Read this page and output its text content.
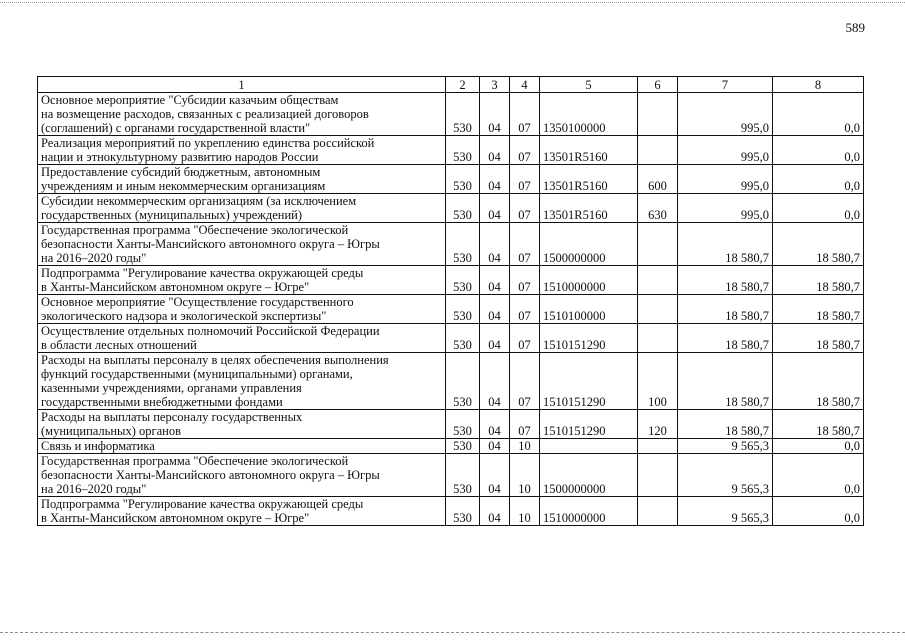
589
1	2	3	4	5	6	7	8

Основное мероприятие "Субсидии казачьим обществам
на возмещение расходов, связанных с реализацией договоров
(соглашений) с органами государственной власти"	530	04	07	1350100000		995,0	0,0

Реализация мероприятий по укреплению единства российской
нации и этнокультурному развитию народов России	530	04	07	13501R5160		995,0	0,0

Предоставление субсидий бюджетным, автономным
учреждениям и иным некоммерческим организациям	530	04	07	13501R5160	600	995,0	0,0

Субсидии некоммерческим организациям (за исключением
государственных (муниципальных) учреждений)	530	04	07	13501R5160	630	995,0	0,0

Государственная программа "Обеспечение экологической
безопасности Ханты-Мансийского автономного округа – Югры
на 2016–2020 годы"	530	04	07	1500000000		18 580,7	18 580,7

Подпрограмма "Регулирование качества окружающей среды
в Ханты-Мансийском автономном округе – Югре"	530	04	07	1510000000		18 580,7	18 580,7

Основное мероприятие "Осуществление государственного
экологического надзора и экологической экспертизы"	530	04	07	1510100000		18 580,7	18 580,7

Осуществление отдельных полномочий Российской Федерации
в области лесных отношений	530	04	07	1510151290		18 580,7	18 580,7

Расходы на выплаты персоналу в целях обеспечения выполнения
функций государственными (муниципальными) органами,
казенными учреждениями, органами управления
государственными внебюджетными фондами	530	04	07	1510151290	100	18 580,7	18 580,7

Расходы на выплаты персоналу государственных
(муниципальных) органов	530	04	07	1510151290	120	18 580,7	18 580,7

Связь и информатика	530	04	10			9 565,3	0,0

Государственная программа "Обеспечение экологической
безопасности Ханты-Мансийского автономного округа – Югры
на 2016–2020 годы"	530	04	10	1500000000		9 565,3	0,0

Подпрограмма "Регулирование качества окружающей среды
в Ханты-Мансийском автономном округе – Югре"	530	04	10	1510000000		9 565,3	0,0
